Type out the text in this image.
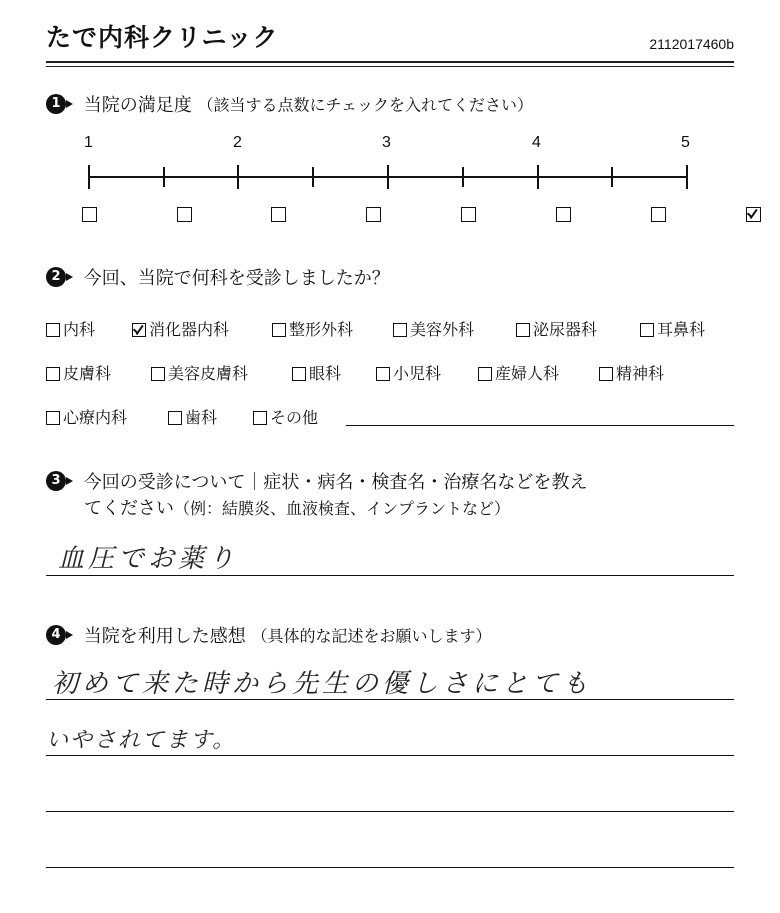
たで内科クリニック	2112017460b
1 当院の満足度 （該当する点数にチェックを入れてください）
1	2	3	4	5

2 今回、当院で何科を受診しましたか？
内科	消化器内科	整形外科	美容外科	泌尿器科	耳鼻科
皮膚科	美容皮膚科	眼科	小児科	産婦人科	精神科
心療内科	歯科	その他
3 今回の受診について｜症状・病名・検査名・治療名などを教え
てください（例：結膜炎、血液検査、インプラントなど）
血圧でお薬り
4 当院を利用した感想 （具体的な記述をお願いします）
初めて来た時から先生の優しさにとても
いやされてます。
